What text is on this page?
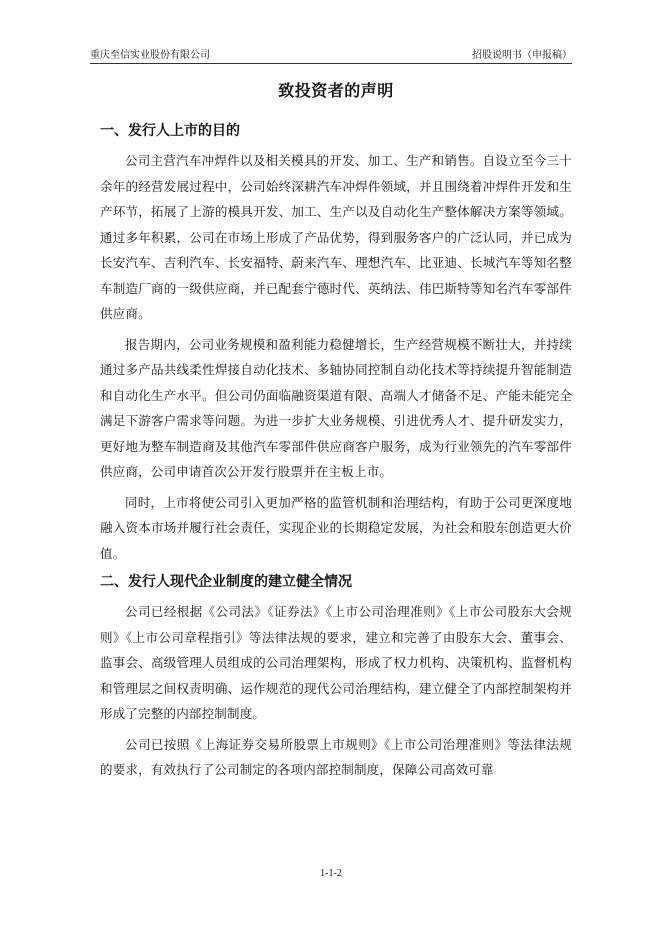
重庆至信实业股份有限公司	招股说明书（申报稿）
致投资者的声明
一、发行人上市的目的

公司主营汽车冲焊件以及相关模具的开发、加工、生产和销售。自设立至今三十余年的经营发展过程中，公司始终深耕汽车冲焊件领域，并且围绕着冲焊件开发和生产环节，拓展了上游的模具开发、加工、生产以及自动化生产整体解决方案等领域。通过多年积累，公司在市场上形成了产品优势，得到服务客户的广泛认同，并已成为长安汽车、吉利汽车、长安福特、蔚来汽车、理想汽车、比亚迪、长城汽车等知名整车制造厂商的一级供应商，并已配套宁德时代、英纳法、伟巴斯特等知名汽车零部件供应商。

报告期内，公司业务规模和盈利能力稳健增长，生产经营规模不断壮大，并持续通过多产品共线柔性焊接自动化技术、多轴协同控制自动化技术等持续提升智能制造和自动化生产水平。但公司仍面临融资渠道有限、高端人才储备不足、产能未能完全满足下游客户需求等问题。为进一步扩大业务规模、引进优秀人才、提升研发实力，更好地为整车制造商及其他汽车零部件供应商客户服务，成为行业领先的汽车零部件供应商，公司申请首次公开发行股票并在主板上市。

同时，上市将使公司引入更加严格的监管机制和治理结构，有助于公司更深度地融入资本市场并履行社会责任，实现企业的长期稳定发展，为社会和股东创造更大价值。

二、发行人现代企业制度的建立健全情况

公司已经根据《公司法》《证券法》《上市公司治理准则》《上市公司股东大会规则》《上市公司章程指引》等法律法规的要求，建立和完善了由股东大会、董事会、监事会、高级管理人员组成的公司治理架构，形成了权力机构、决策机构、监督机构和管理层之间权责明确、运作规范的现代公司治理结构，建立健全了内部控制架构并形成了完整的内部控制制度。

公司已按照《上海证券交易所股票上市规则》《上市公司治理准则》等法律法规的要求，有效执行了公司制定的各项内部控制制度，保障公司高效可靠

1-1-2
